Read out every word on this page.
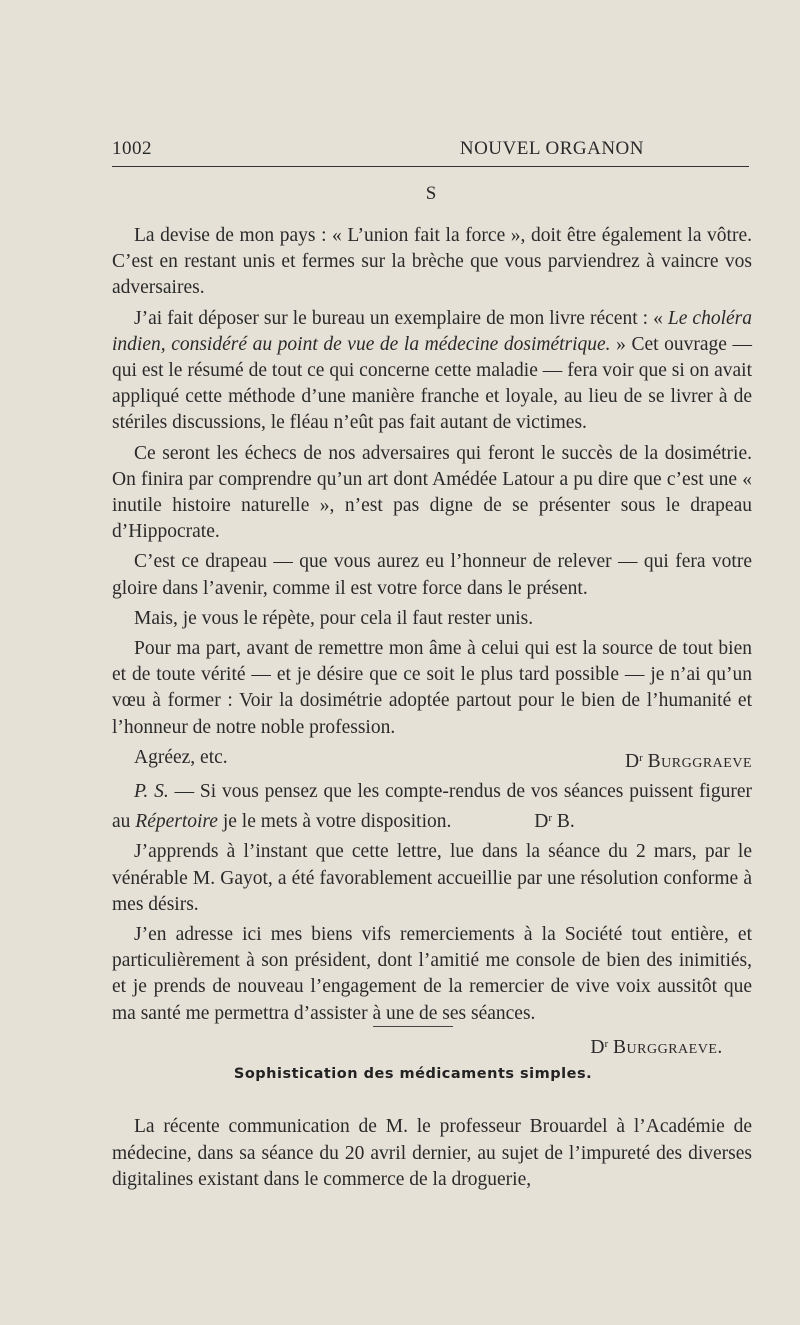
1002	NOUVEL ORGANON
S

La devise de mon pays : « L’union fait la force », doit être également la vôtre. C’est en restant unis et fermes sur la brèche que vous parviendrez à vaincre vos adversaires.

J’ai fait déposer sur le bureau un exemplaire de mon livre récent : « Le choléra indien, considéré au point de vue de la médecine dosimétrique. » Cet ouvrage — qui est le résumé de tout ce qui concerne cette maladie — fera voir que si on avait appliqué cette méthode d’une manière franche et loyale, au lieu de se livrer à de stériles discussions, le fléau n’eût pas fait autant de victimes.

Ce seront les échecs de nos adversaires qui feront le succès de la dosimétrie. On finira par comprendre qu’un art dont Amédée Latour a pu dire que c’est une « inutile histoire naturelle », n’est pas digne de se présenter sous le drapeau d’Hippocrate.

C’est ce drapeau — que vous aurez eu l’honneur de relever — qui fera votre gloire dans l’avenir, comme il est votre force dans le présent.

Mais, je vous le répète, pour cela il faut rester unis.

Pour ma part, avant de remettre mon âme à celui qui est la source de tout bien et de toute vérité — et je désire que ce soit le plus tard possible — je n’ai qu’un vœu à former : Voir la dosimétrie adoptée partout pour le bien de l’humanité et l’honneur de notre noble profession.

Agréez, etc.	$D^r$ Burggraeve

P. S. — Si vous pensez que les compte-rendus de vos séances puissent figurer au Répertoire je le mets à votre disposition.	$D^r$ B.

J’apprends à l’instant que cette lettre, lue dans la séance du 2 mars, par le vénérable M. Gayot, a été favorablement accueillie par une résolution conforme à mes désirs.

J’en adresse ici mes biens vifs remerciements à la Société tout entière, et particulièrement à son président, dont l’amitié me console de bien des inimitiés, et je prends de nouveau l’engagement de la remercier de vive voix aussitôt que ma santé me permettra d’assister à une de ses séances.

$D^r$ Burggraeve.
Sophistication des médicaments simples.

La récente communication de M. le professeur Brouardel à l’Académie de médecine, dans sa séance du 20 avril dernier, au sujet de l’impureté des diverses digitalines existant dans le commerce de la droguerie,
